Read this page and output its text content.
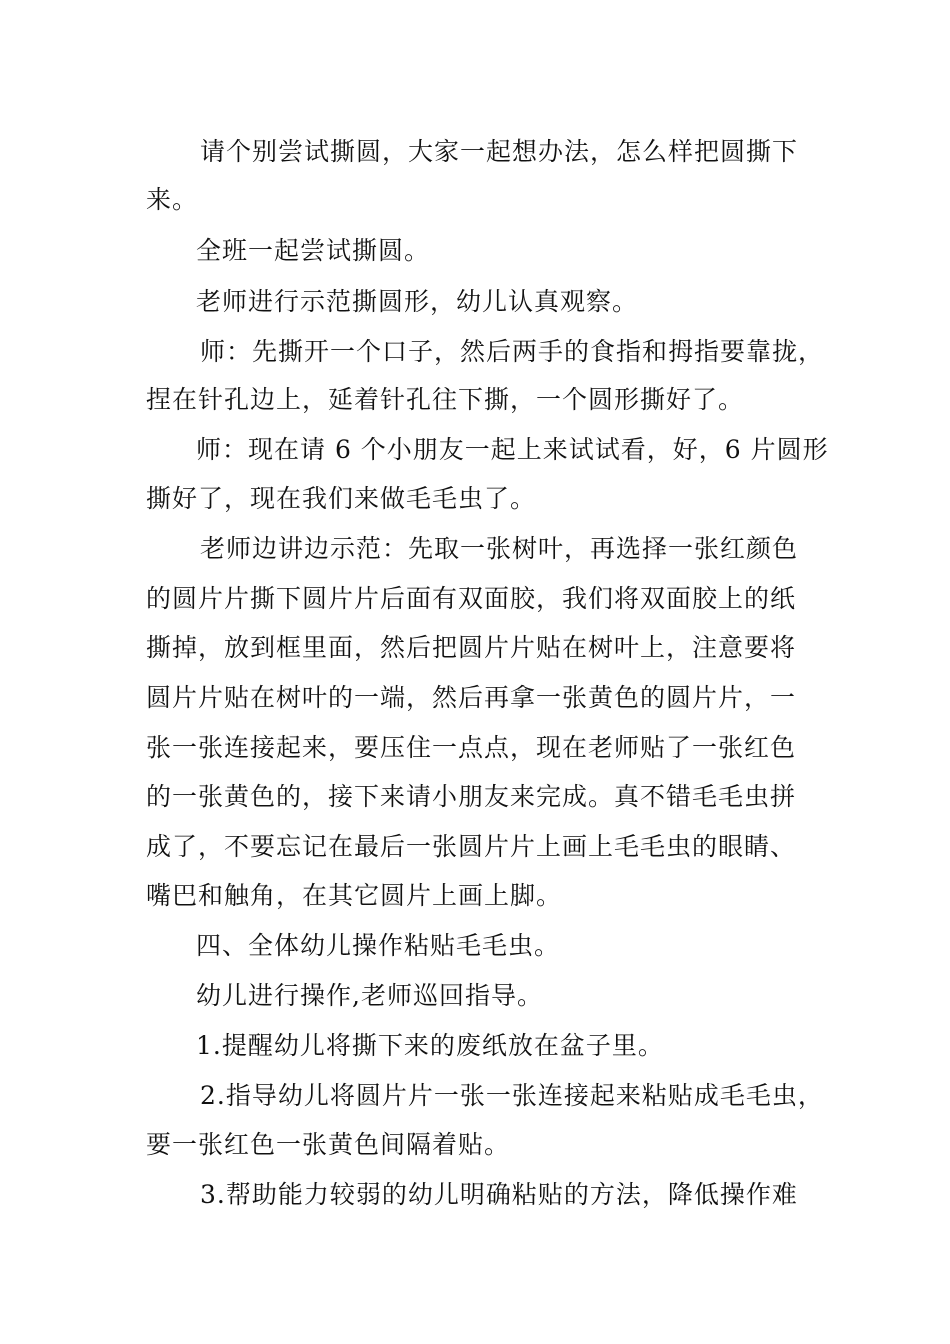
请个别尝试撕圆，大家一起想办法，怎么样把圆撕下
来。
全班一起尝试撕圆。
老师进行示范撕圆形，幼儿认真观察。
师：先撕开一个口子，然后两手的食指和拇指要靠拢，
捏在针孔边上，延着针孔往下撕，一个圆形撕好了。
师：现在请 6 个小朋友一起上来试试看，好，6 片圆形
撕好了，现在我们来做毛毛虫了。
老师边讲边示范：先取一张树叶，再选择一张红颜色
的圆片片撕下圆片片后面有双面胶，我们将双面胶上的纸
撕掉，放到框里面，然后把圆片片贴在树叶上，注意要将
圆片片贴在树叶的一端，然后再拿一张黄色的圆片片，一
张一张连接起来，要压住一点点，现在老师贴了一张红色
的一张黄色的，接下来请小朋友来完成。真不错毛毛虫拼
成了，不要忘记在最后一张圆片片上画上毛毛虫的眼睛、
嘴巴和触角，在其它圆片上画上脚。
四、全体幼儿操作粘贴毛毛虫。
幼儿进行操作,老师巡回指导。
1.提醒幼儿将撕下来的废纸放在盆子里。
2.指导幼儿将圆片片一张一张连接起来粘贴成毛毛虫，
要一张红色一张黄色间隔着贴。
3.帮助能力较弱的幼儿明确粘贴的方法，降低操作难
